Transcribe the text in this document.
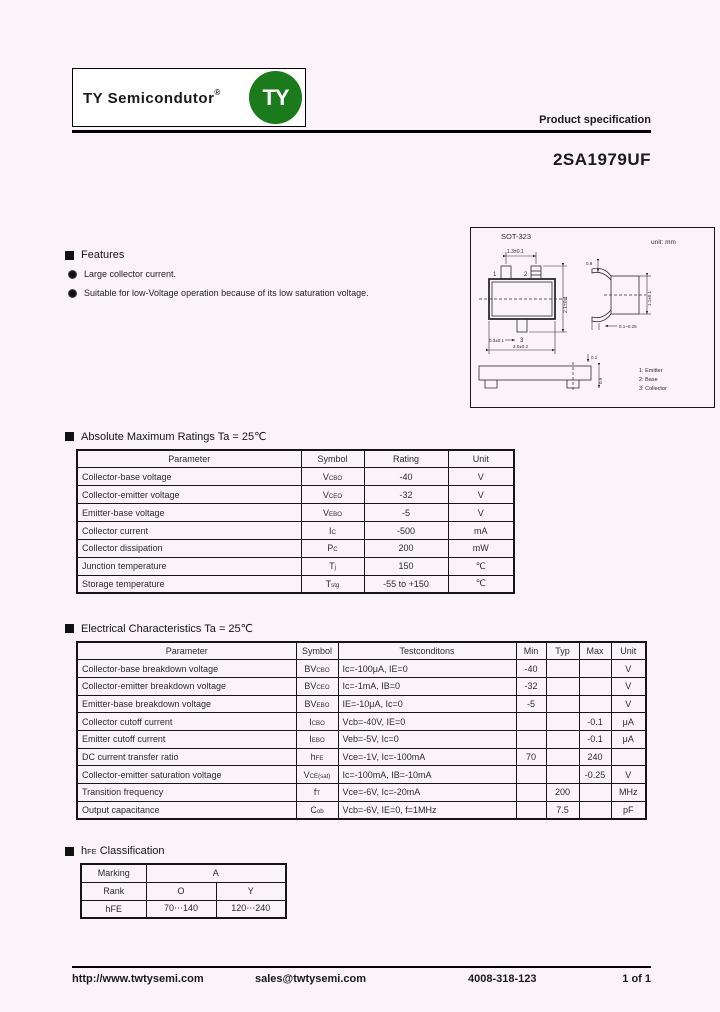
TY Semicondutor®	TY
Product specification
2SA1979UF
Features
Large collector current.
Suitable for low-Voltage operation because of its low saturation voltage.
SOT-323
unit: mm
1.3±0.1
1	2
3
2.1±0.1
0.3±0.1
2.0±0.2
0.9
1.1±0.1
0.1~0.25
0.1
0.9
1: Emitter
2: Base
3: Collector
Absolute Maximum Ratings Ta = 25℃
Parameter	Symbol	Rating	Unit
Collector-base voltage	VCBO	-40	V
Collector-emitter voltage	VCEO	-32	V
Emitter-base voltage	VEBO	-5	V
Collector current	IC	-500	mA
Collector dissipation	PC	200	mW
Junction temperature	Tj	150	℃
Storage temperature	Tstg	-55 to +150	℃
Electrical Characteristics Ta = 25℃
Parameter	Symbol	Testconditons	Min	Typ	Max	Unit
Collector-base breakdown voltage	BVCBO	Ic=-100μA, IE=0	-40			V
Collector-emitter breakdown voltage	BVCEO	Ic=-1mA, IB=0	-32			V
Emitter-base breakdown voltage	BVEBO	IE=-10μA, Ic=0	-5			V
Collector cutoff current	ICBO	Vcb=-40V, IE=0			-0.1	μA
Emitter cutoff current	IEBO	Veb=-5V, Ic=0			-0.1	μA
DC current transfer ratio	hFE	Vce=-1V, Ic=-100mA	70		240	
Collector-emitter saturation voltage	VCE(sat)	Ic=-100mA, IB=-10mA			-0.25	V
Transition frequency	fT	Vce=-6V, Ic=-20mA		200		MHz
Output capacitance	Cob	Vcb=-6V, IE=0, f=1MHz		7.5		pF
hFE Classification
Marking	A	
Rank	O	Y
hFE	70⋯140	120⋯240
http://www.twtysemi.com	sales@twtysemi.com	4008-318-123	1 of 1
